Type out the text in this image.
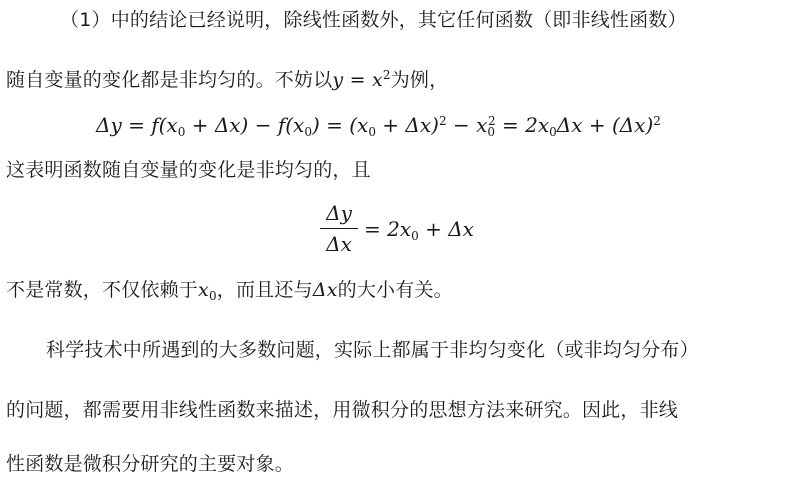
（1）中的结论已经说明，除线性函数外，其它任何函数（即非线性函数）
随自变量的变化都是非均匀的。不妨以$y = x^2$为例，
$\Delta y = f(x_0 + \Delta x) - f(x_0) = (x_0 + \Delta x)^2 - x_0^2 = 2x_0\Delta x + (\Delta x)^2$
这表明函数随自变量的变化是非均匀的，且
Δy
Δx
= $2x_0 + \Delta x$
不是常数，不仅依赖于$x_0$，而且还与Δx的大小有关。
科学技术中所遇到的大多数问题，实际上都属于非均匀变化（或非均匀分布）
的问题，都需要用非线性函数来描述，用微积分的思想方法来研究。因此，非线
性函数是微积分研究的主要对象。
